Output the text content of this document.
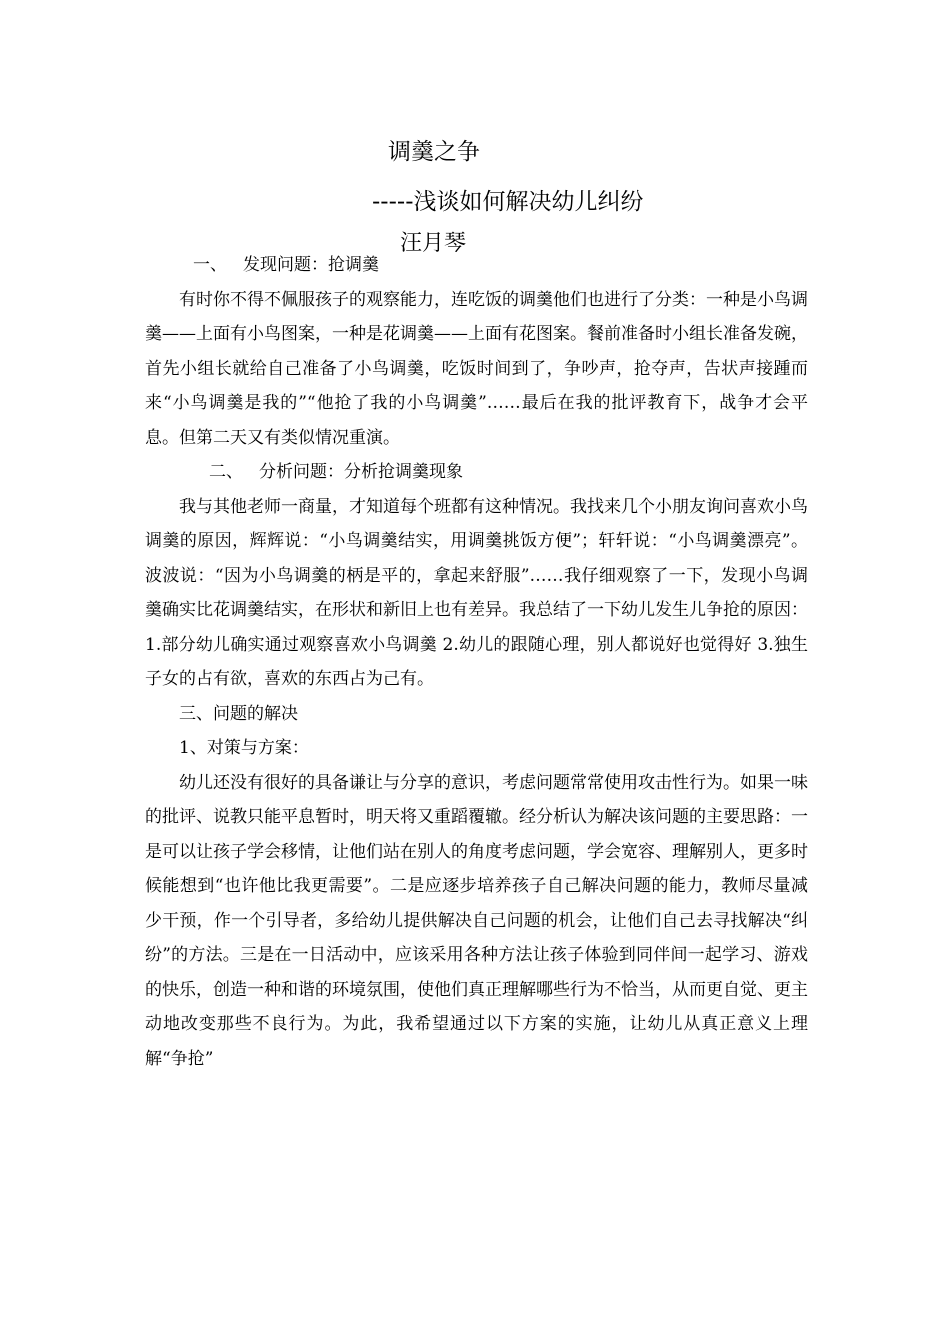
调羹之争
-----浅谈如何解决幼儿纠纷
汪月琴

一、 发现问题：抢调羹

有时你不得不佩服孩子的观察能力，连吃饭的调羹他们也进行了分类：一种是小鸟调羹——上面有小鸟图案，一种是花调羹——上面有花图案。餐前准备时小组长准备发碗，首先小组长就给自己准备了小鸟调羹，吃饭时间到了，争吵声，抢夺声，告状声接踵而来“小鸟调羹是我的”“他抢了我的小鸟调羹”……最后在我的批评教育下，战争才会平息。但第二天又有类似情况重演。

二、 分析问题：分析抢调羹现象

我与其他老师一商量，才知道每个班都有这种情况。我找来几个小朋友询问喜欢小鸟调羹的原因，辉辉说：“小鸟调羹结实，用调羹挑饭方便”；轩轩说：“小鸟调羹漂亮”。波波说：“因为小鸟调羹的柄是平的，拿起来舒服”……我仔细观察了一下，发现小鸟调羹确实比花调羹结实，在形状和新旧上也有差异。我总结了一下幼儿发生儿争抢的原因：1.部分幼儿确实通过观察喜欢小鸟调羹 2.幼儿的跟随心理，别人都说好也觉得好 3.独生子女的占有欲，喜欢的东西占为己有。

三、问题的解决

1、对策与方案：

幼儿还没有很好的具备谦让与分享的意识，考虑问题常常使用攻击性行为。如果一味的批评、说教只能平息暂时，明天将又重蹈覆辙。经分析认为解决该问题的主要思路：一是可以让孩子学会移情，让他们站在别人的角度考虑问题，学会宽容、理解别人，更多时候能想到“也许他比我更需要”。二是应逐步培养孩子自己解决问题的能力，教师尽量减少干预，作一个引导者，多给幼儿提供解决自己问题的机会，让他们自己去寻找解决“纠纷”的方法。三是在一日活动中，应该采用各种方法让孩子体验到同伴间一起学习、游戏的快乐，创造一种和谐的环境氛围，使他们真正理解哪些行为不恰当，从而更自觉、更主动地改变那些不良行为。为此，我希望通过以下方案的实施，让幼儿从真正意义上理解“争抢”
